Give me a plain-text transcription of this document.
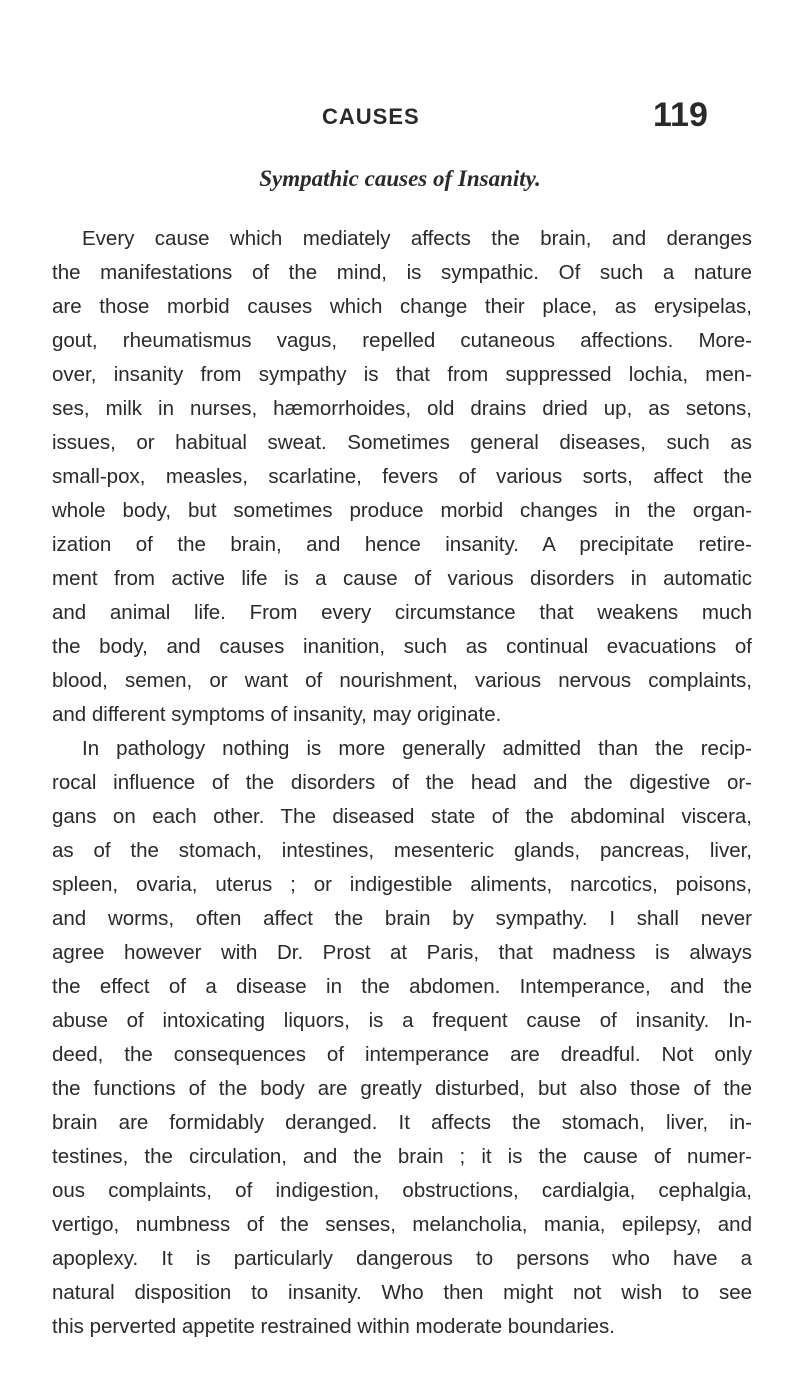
CAUSES	119
Sympathic causes of Insanity.
Every cause which mediately affects the brain, and deranges
the manifestations of the mind, is sympathic. Of such a nature
are those morbid causes which change their place, as erysipelas,
gout, rheumatismus vagus, repelled cutaneous affections. More-
over, insanity from sympathy is that from suppressed lochia, men-
ses, milk in nurses, hæmorrhoides, old drains dried up, as setons,
issues, or habitual sweat. Sometimes general diseases, such as
small-pox, measles, scarlatine, fevers of various sorts, affect the
whole body, but sometimes produce morbid changes in the organ-
ization of the brain, and hence insanity. A precipitate retire-
ment from active life is a cause of various disorders in automatic
and animal life. From every circumstance that weakens much
the body, and causes inanition, such as continual evacuations of
blood, semen, or want of nourishment, various nervous complaints,
and different symptoms of insanity, may originate.
In pathology nothing is more generally admitted than the recip-
rocal influence of the disorders of the head and the digestive or-
gans on each other. The diseased state of the abdominal viscera,
as of the stomach, intestines, mesenteric glands, pancreas, liver,
spleen, ovaria, uterus ; or indigestible aliments, narcotics, poisons,
and worms, often affect the brain by sympathy. I shall never
agree however with Dr. Prost at Paris, that madness is always
the effect of a disease in the abdomen. Intemperance, and the
abuse of intoxicating liquors, is a frequent cause of insanity. In-
deed, the consequences of intemperance are dreadful. Not only
the functions of the body are greatly disturbed, but also those of the
brain are formidably deranged. It affects the stomach, liver, in-
testines, the circulation, and the brain ; it is the cause of numer-
ous complaints, of indigestion, obstructions, cardialgia, cephalgia,
vertigo, numbness of the senses, melancholia, mania, epilepsy, and
apoplexy. It is particularly dangerous to persons who have a
natural disposition to insanity. Who then might not wish to see
this perverted appetite restrained within moderate boundaries.
